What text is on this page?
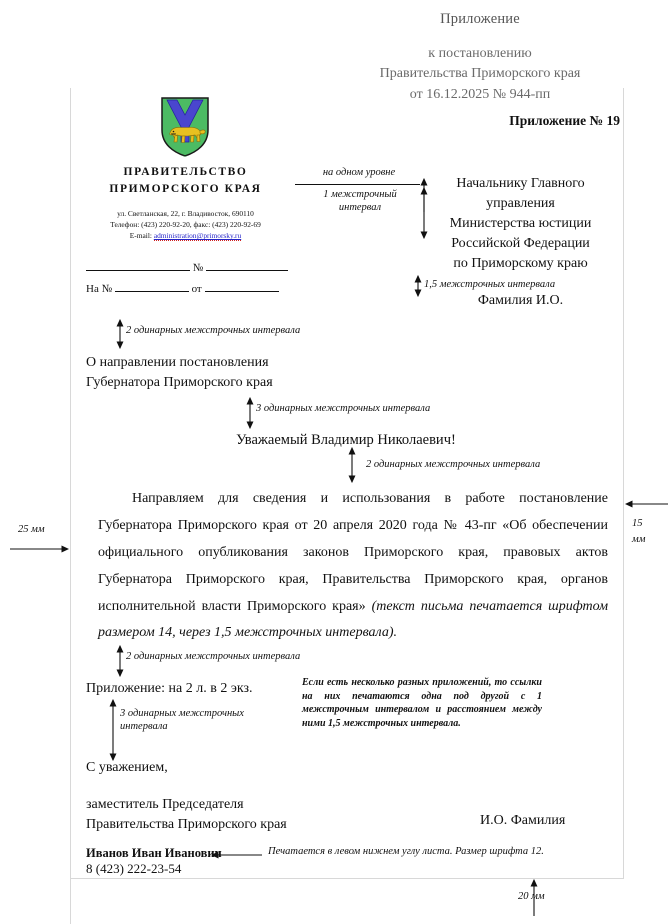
Приложение
к постановлению
Правительства Приморского края
от 16.12.2025 № 944-пп
Приложение № 19
ПРАВИТЕЛЬСТВО
ПРИМОРСКОГО КРАЯ
ул. Светланская, 22, г. Владивосток, 690110
Телефон: (423) 220-92-20, факс: (423) 220-92-69
E-mail: administration@primorsky.ru
№
На №	от
на одном уровне
1 межстрочный
интервал
Начальнику Главного
управления
Министерства юстиции
Российской Федерации
по Приморскому краю
1,5 межстрочных интервала
Фамилия И.О.
2 одинарных межстрочных интервала
О направлении постановления
Губернатора Приморского края
3 одинарных межстрочных интервала
Уважаемый Владимир Николаевич!
2 одинарных межстрочных интервала
Направляем для сведения и использования в работе постановление Губернатора Приморского края от 20 апреля 2020 года № 43-пг «Об обеспечении официального опубликования законов Приморского края, правовых актов Губернатора Приморского края, Правительства Приморского края, органов исполнительной власти Приморского края» (текст письма печатается шрифтом размером 14, через 1,5 межстрочных интервала).
2 одинарных межстрочных интервала
Приложение: на 2 л. в 2 экз.
3 одинарных межстрочных
интервала
Если есть несколько разных приложений, то ссылки на них печатаются одна под другой с 1 межстрочным интервалом и расстоянием между ними 1,5 межстрочных интервала.
С уважением,
заместитель Председателя
Правительства Приморского края	И.О. Фамилия
Иванов Иван Иванович
8 (423) 222-23-54
Печатается в левом нижнем углу листа. Размер шрифта 12.
25 мм
15
мм
20 мм
